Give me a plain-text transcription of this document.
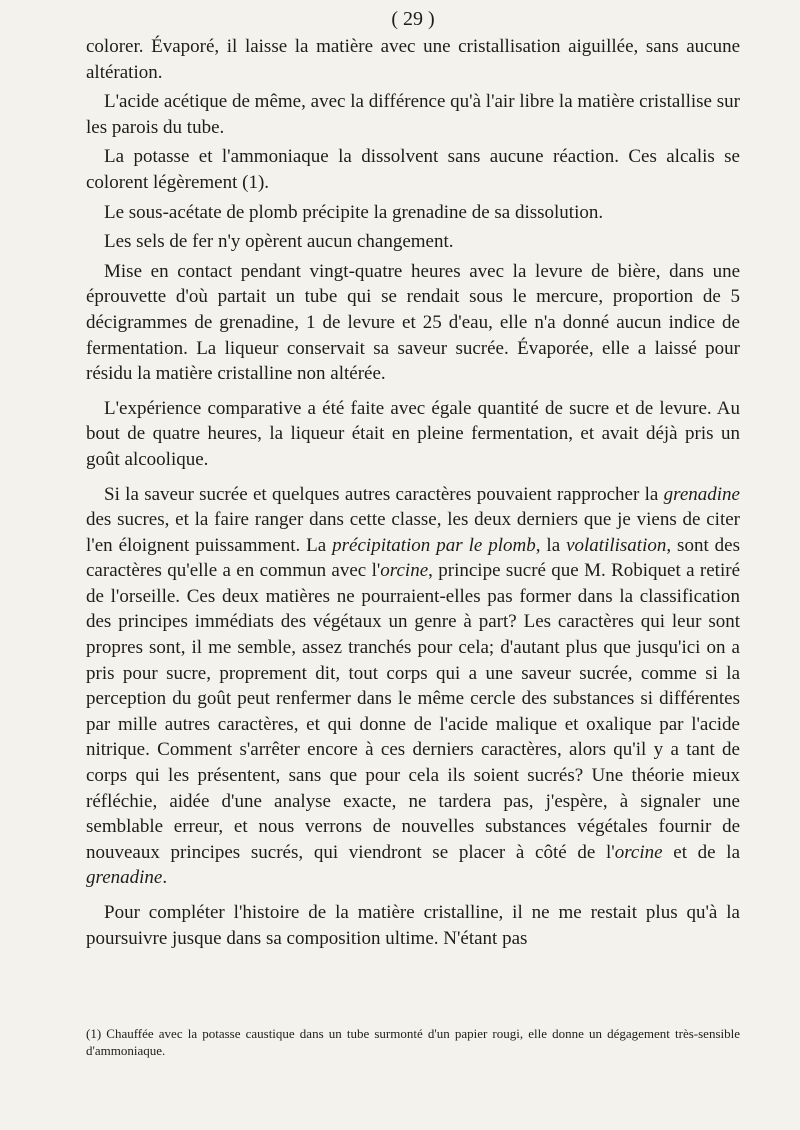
( 29 )

colorer. Évaporé, il laisse la matière avec une cristallisation aiguillée, sans aucune altération.

L'acide acétique de même, avec la différence qu'à l'air libre la matière cristallise sur les parois du tube.

La potasse et l'ammoniaque la dissolvent sans aucune réaction. Ces alcalis se colorent légèrement (1).

Le sous-acétate de plomb précipite la grenadine de sa dissolution.

Les sels de fer n'y opèrent aucun changement.

Mise en contact pendant vingt-quatre heures avec la levure de bière, dans une éprouvette d'où partait un tube qui se rendait sous le mercure, proportion de 5 décigrammes de grenadine, 1 de levure et 25 d'eau, elle n'a donné aucun indice de fermentation. La liqueur conservait sa saveur sucrée. Évaporée, elle a laissé pour résidu la matière cristalline non altérée.

L'expérience comparative a été faite avec égale quantité de sucre et de levure. Au bout de quatre heures, la liqueur était en pleine fermentation, et avait déjà pris un goût alcoolique.

Si la saveur sucrée et quelques autres caractères pouvaient rapprocher la grenadine des sucres, et la faire ranger dans cette classe, les deux derniers que je viens de citer l'en éloignent puissamment. La précipitation par le plomb, la volatilisation, sont des caractères qu'elle a en commun avec l'orcine, principe sucré que M. Robiquet a retiré de l'orseille. Ces deux matières ne pourraient-elles pas former dans la classification des principes immédiats des végétaux un genre à part? Les caractères qui leur sont propres sont, il me semble, assez tranchés pour cela; d'autant plus que jusqu'ici on a pris pour sucre, proprement dit, tout corps qui a une saveur sucrée, comme si la perception du goût peut renfermer dans le même cercle des substances si différentes par mille autres caractères, et qui donne de l'acide malique et oxalique par l'acide nitrique. Comment s'arrêter encore à ces derniers caractères, alors qu'il y a tant de corps qui les présentent, sans que pour cela ils soient sucrés? Une théorie mieux réfléchie, aidée d'une analyse exacte, ne tardera pas, j'espère, à signaler une semblable erreur, et nous verrons de nouvelles substances végétales fournir de nouveaux principes sucrés, qui viendront se placer à côté de l'orcine et de la grenadine.

Pour compléter l'histoire de la matière cristalline, il ne me restait plus qu'à la poursuivre jusque dans sa composition ultime. N'étant pas

(1) Chauffée avec la potasse caustique dans un tube surmonté d'un papier rougi, elle donne un dégagement très-sensible d'ammoniaque.
